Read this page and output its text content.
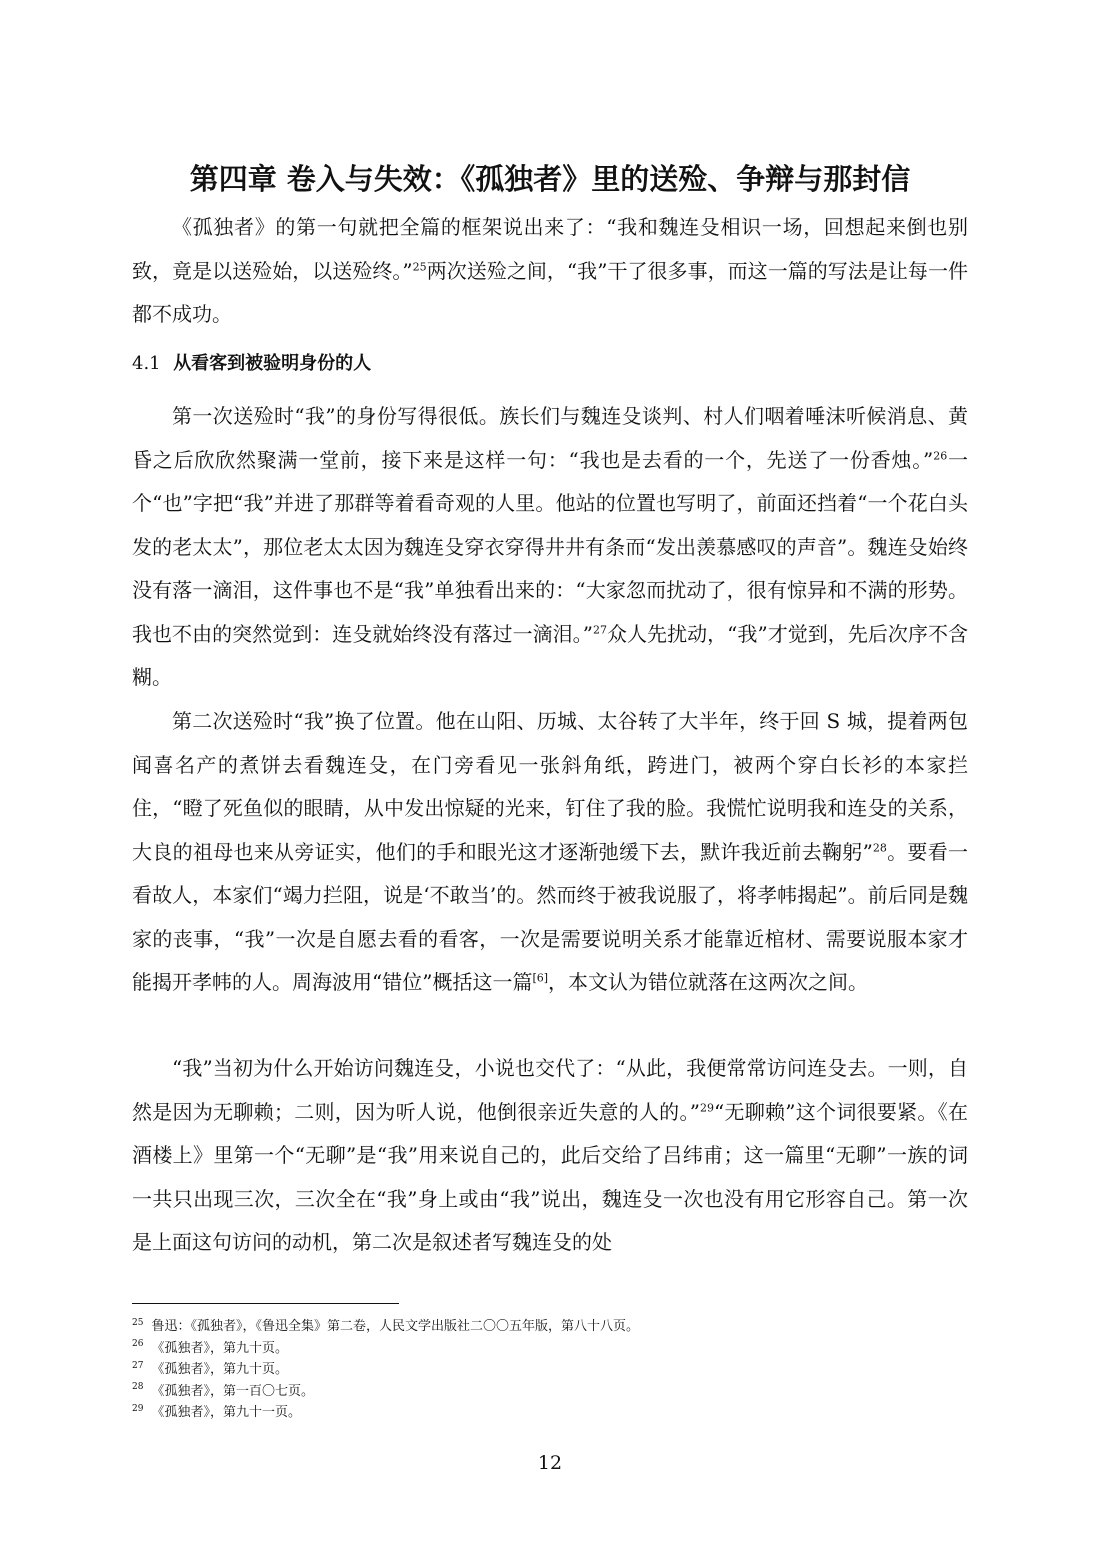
第四章 卷入与失效：《孤独者》里的送殓、争辩与那封信

《孤独者》的第一句就把全篇的框架说出来了：“我和魏连殳相识一场，回想起来倒也别致，竟是以送殓始，以送殓终。”$^{25}$两次送殓之间，“我”干了很多事，而这一篇的写法是让每一件都不成功。

4.1 从看客到被验明身份的人

第一次送殓时“我”的身份写得很低。族长们与魏连殳谈判、村人们咽着唾沫听候消息、黄昏之后欣欣然聚满一堂前，接下来是这样一句：“我也是去看的一个，先送了一份香烛。”$^{26}$一个“也”字把“我”并进了那群等着看奇观的人里。他站的位置也写明了，前面还挡着“一个花白头发的老太太”，那位老太太因为魏连殳穿衣穿得井井有条而“发出羡慕感叹的声音”。魏连殳始终没有落一滴泪，这件事也不是“我”单独看出来的：“大家忽而扰动了，很有惊异和不满的形势。我也不由的突然觉到：连殳就始终没有落过一滴泪。”$^{27}$众人先扰动，“我”才觉到，先后次序不含糊。

第二次送殓时“我”换了位置。他在山阳、历城、太谷转了大半年，终于回 S 城，提着两包闻喜名产的煮饼去看魏连殳，在门旁看见一张斜角纸，跨进门，被两个穿白长衫的本家拦住，“瞪了死鱼似的眼睛，从中发出惊疑的光来，钉住了我的脸。我慌忙说明我和连殳的关系，大良的祖母也来从旁证实，他们的手和眼光这才逐渐弛缓下去，默许我近前去鞠躬”$^{28}$。要看一看故人，本家们“竭力拦阻，说是‘不敢当’的。然而终于被我说服了，将孝帏揭起”。前后同是魏家的丧事，“我”一次是自愿去看的看客，一次是需要说明关系才能靠近棺材、需要说服本家才能揭开孝帏的人。周海波用“错位”概括这一篇[6]，本文认为错位就落在这两次之间。

“我”当初为什么开始访问魏连殳，小说也交代了：“从此，我便常常访问连殳去。一则，自然是因为无聊赖；二则，因为听人说，他倒很亲近失意的人的。”$^{29}$“无聊赖”这个词很要紧。《在酒楼上》里第一个“无聊”是“我”用来说自己的，此后交给了吕纬甫；这一篇里“无聊”一族的词一共只出现三次，三次全在“我”身上或由“我”说出，魏连殳一次也没有用它形容自己。第一次是上面这句访问的动机，第二次是叙述者写魏连殳的处

$^{25}$ 鲁迅：《孤独者》，《鲁迅全集》第二卷，人民文学出版社二〇〇五年版，第八十八页。
$^{26}$ 《孤独者》，第九十页。
$^{27}$ 《孤独者》，第九十页。
$^{28}$ 《孤独者》，第一百〇七页。
$^{29}$ 《孤独者》，第九十一页。
12
